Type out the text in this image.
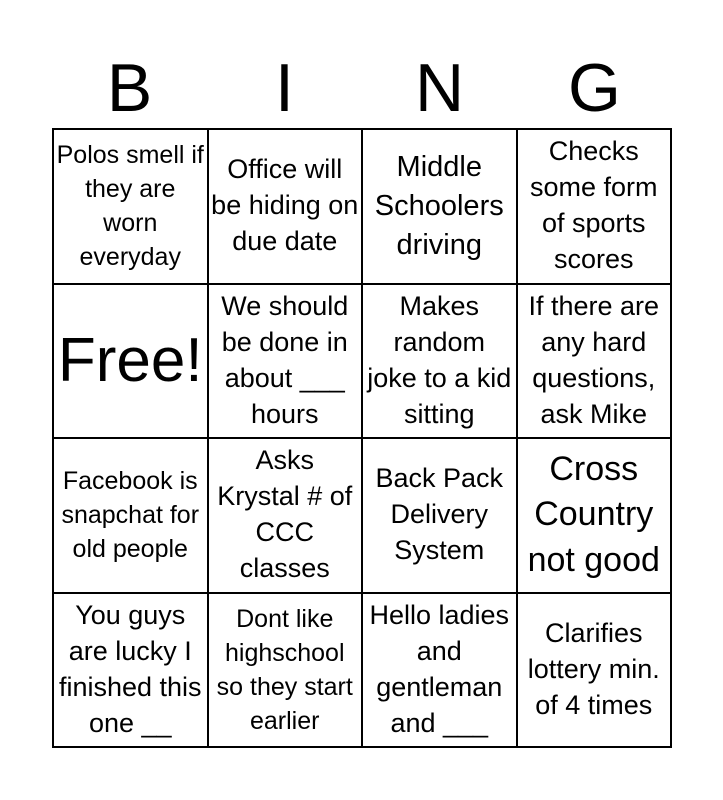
B	I	N	G
Polos smell if they are worn everyday
Office will be hiding on due date
Middle Schoolers driving
Checks some form of sports scores
Free!
We should be done in about ___ hours
Makes random joke to a kid sitting
If there are any hard questions, ask Mike
Facebook is snapchat for old people
Asks Krystal # of CCC classes
Back Pack Delivery System
Cross Country not good
You guys are lucky I finished this one __
Dont like highschool so they start earlier
Hello ladies and gentleman and ___
Clarifies lottery min. of 4 times
